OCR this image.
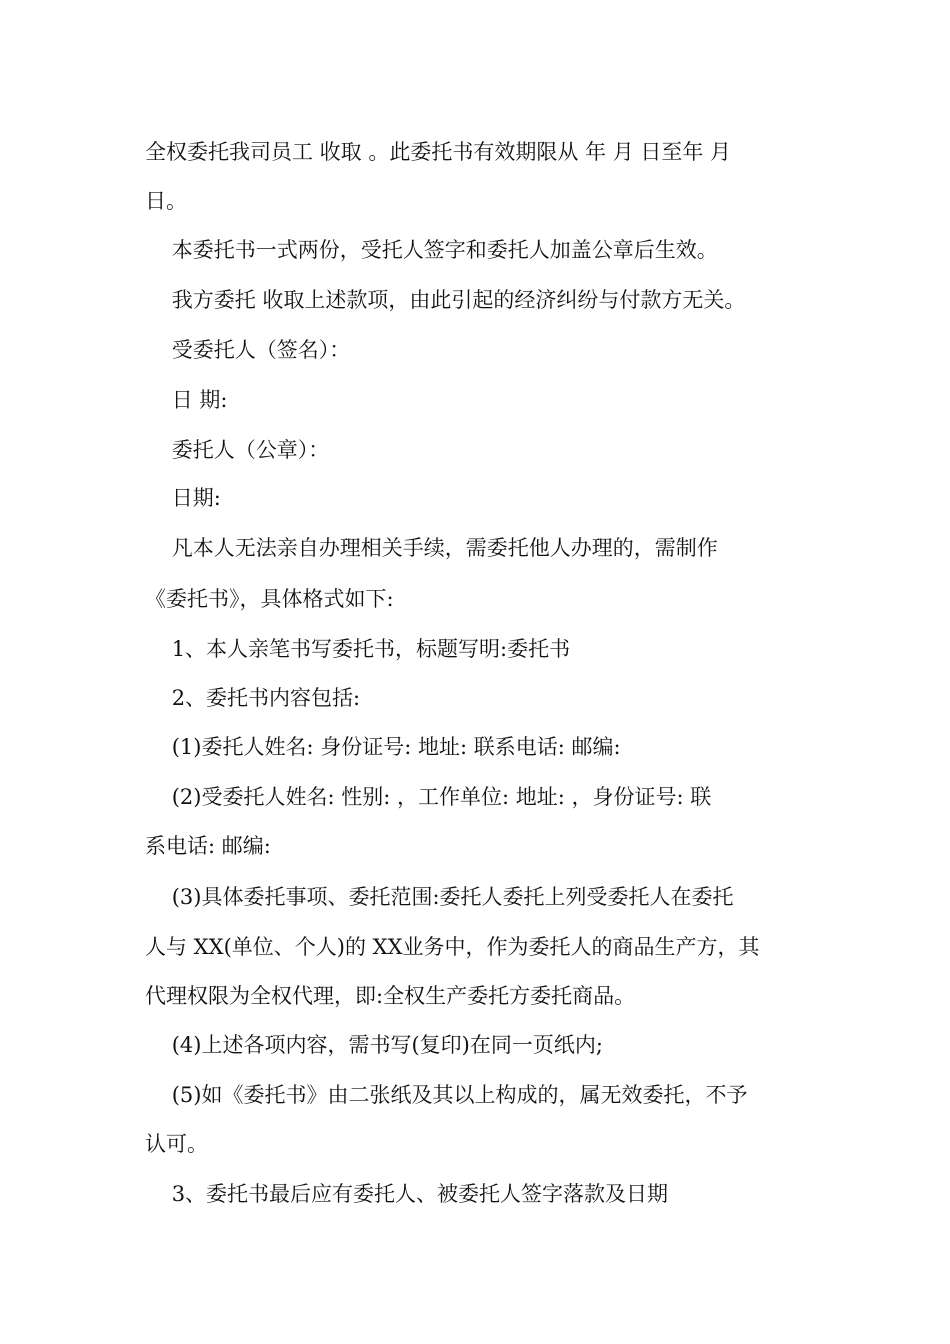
全权委托我司员工 收取 。此委托书有效期限从 年 月 日至年 月
日。
本委托书一式两份，受托人签字和委托人加盖公章后生效。
我方委托 收取上述款项，由此引起的经济纠纷与付款方无关。
受委托人（签名）：
日 期:
委托人（公章）：
日期:
凡本人无法亲自办理相关手续，需委托他人办理的，需制作
《委托书》，具体格式如下:
1、本人亲笔书写委托书，标题写明:委托书
2、委托书内容包括:
(1)委托人姓名: 身份证号: 地址: 联系电话: 邮编:
(2)受委托人姓名: 性别: ，工作单位: 地址: ，身份证号: 联
系电话: 邮编:
(3)具体委托事项、委托范围:委托人委托上列受委托人在委托
人与 XX(单位、个人)的 XX业务中，作为委托人的商品生产方，其
代理权限为全权代理，即:全权生产委托方委托商品。
(4)上述各项内容，需书写(复印)在同一页纸内;
(5)如《委托书》由二张纸及其以上构成的，属无效委托，不予
认可。
3、委托书最后应有委托人、被委托人签字落款及日期
